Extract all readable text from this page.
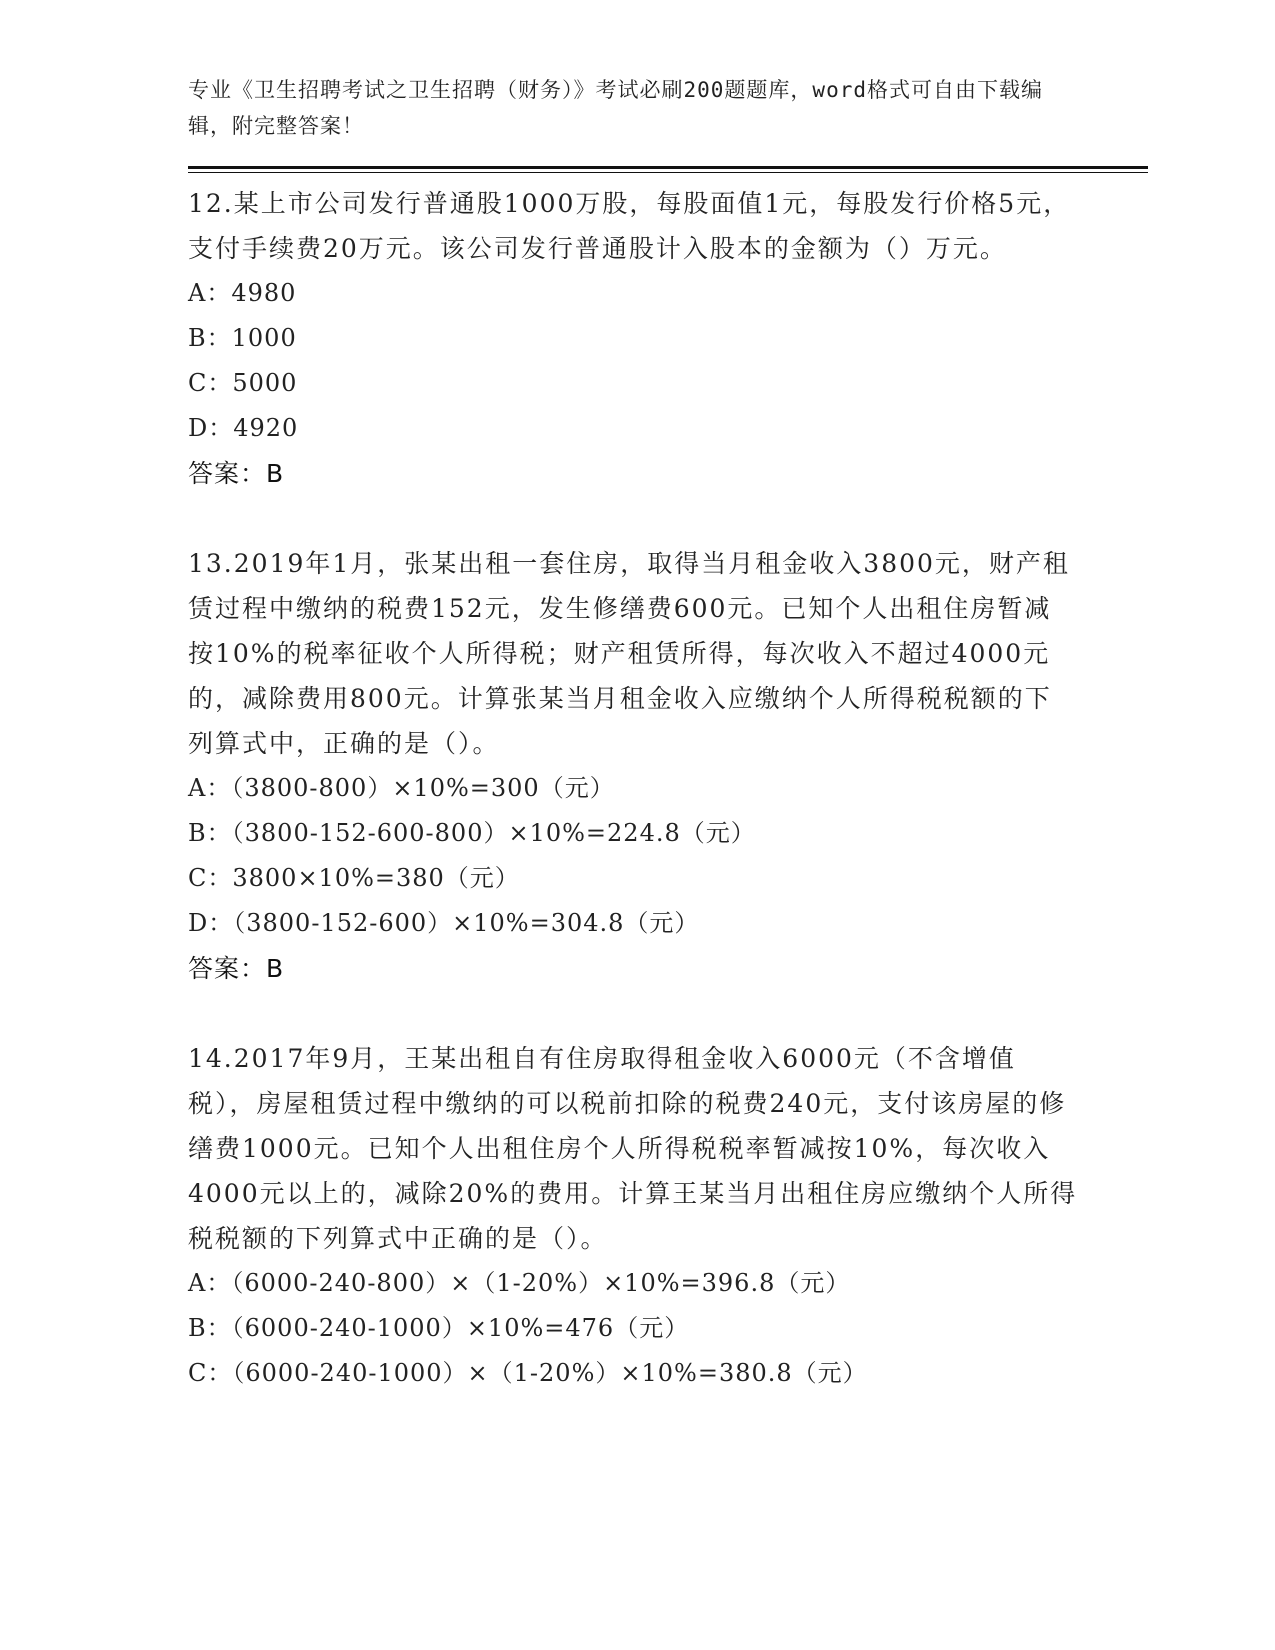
专业《卫生招聘考试之卫生招聘（财务）》考试必刷200题题库，word格式可自由下载编辑，附完整答案！

12.某上市公司发行普通股1000万股，每股面值1元，每股发行价格5元，支付手续费20万元。该公司发行普通股计入股本的金额为（）万元。

A：4980
B：1000
C：5000
D：4920
答案：B

13.2019年1月，张某出租一套住房，取得当月租金收入3800元，财产租赁过程中缴纳的税费152元，发生修缮费600元。已知个人出租住房暂减按10%的税率征收个人所得税；财产租赁所得，每次收入不超过4000元的，减除费用800元。计算张某当月租金收入应缴纳个人所得税税额的下列算式中，正确的是（）。

A：（3800-800）×10%=300（元）
B：（3800-152-600-800）×10%=224.8（元）
C：3800×10%=380（元）
D：（3800-152-600）×10%=304.8（元）
答案：B

14.2017年9月，王某出租自有住房取得租金收入6000元（不含增值税），房屋租赁过程中缴纳的可以税前扣除的税费240元，支付该房屋的修缮费1000元。已知个人出租住房个人所得税税率暂减按10%，每次收入4000元以上的，减除20%的费用。计算王某当月出租住房应缴纳个人所得税税额的下列算式中正确的是（）。

A：（6000-240-800）×（1-20%）×10%=396.8（元）
B：（6000-240-1000）×10%=476（元）
C：（6000-240-1000）×（1-20%）×10%=380.8（元）
